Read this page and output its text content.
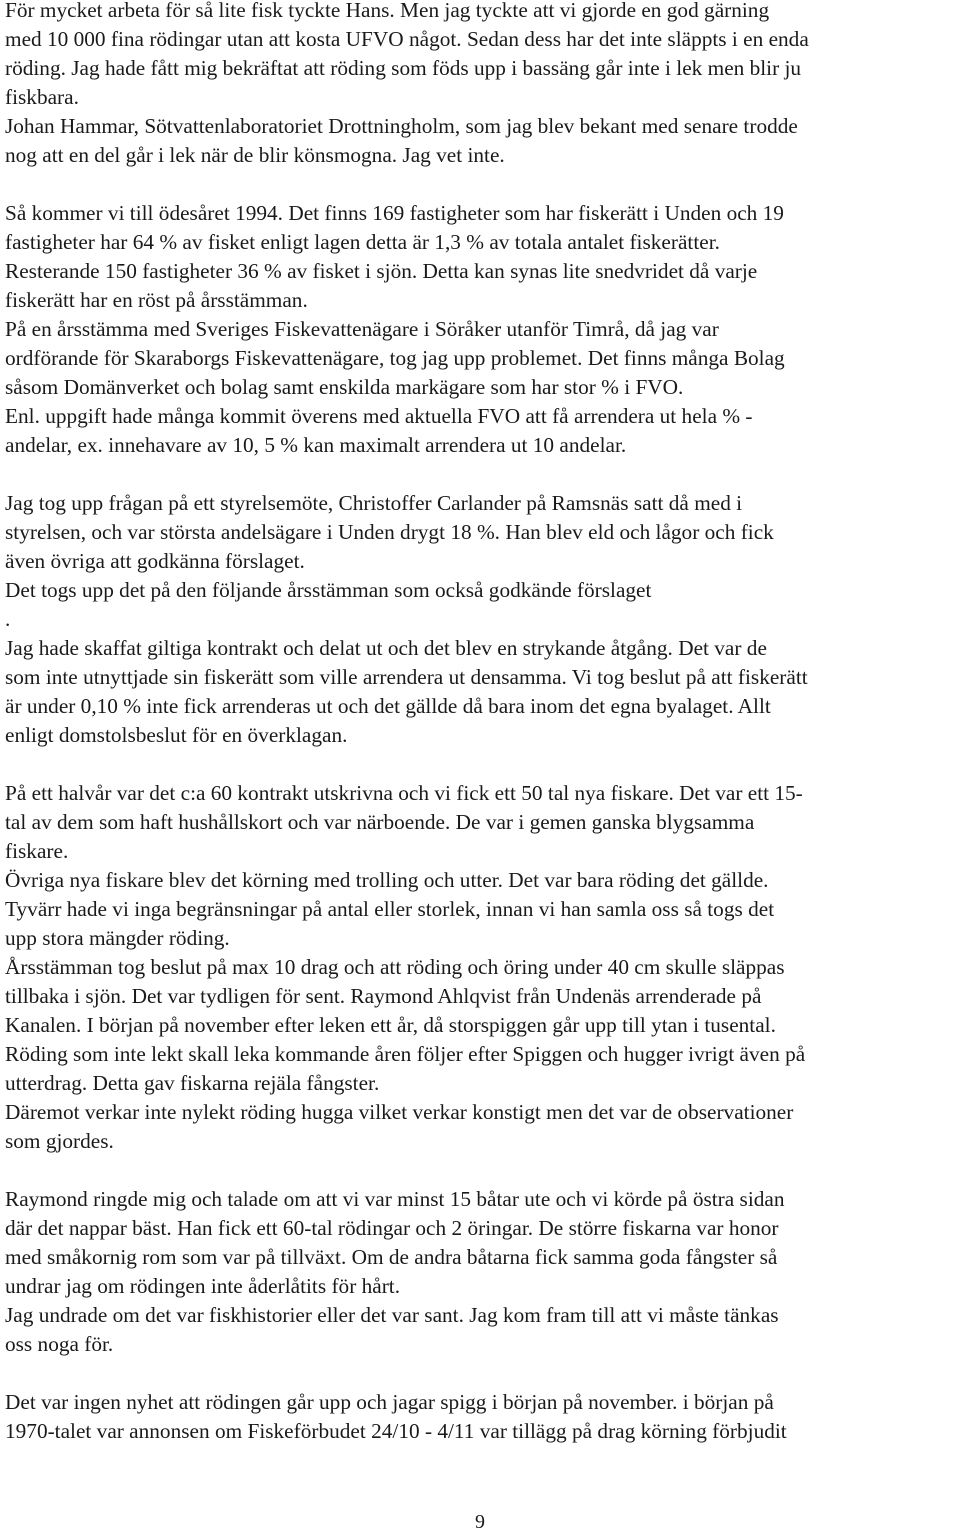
För mycket arbeta för så lite fisk tyckte Hans. Men jag tyckte att vi gjorde en god gärning
med 10 000 fina rödingar utan att kosta UFVO något. Sedan dess har det inte släppts i en enda
röding. Jag hade fått mig bekräftat att röding som föds upp i bassäng går inte i lek men blir ju
fiskbara.
Johan Hammar, Sötvattenlaboratoriet Drottningholm, som jag blev bekant med senare trodde
nog att en del går i lek när de blir könsmogna. Jag vet inte.
Så kommer vi till ödesåret 1994. Det finns 169 fastigheter som har fiskerätt i Unden och 19
fastigheter har 64 % av fisket enligt lagen detta är 1,3 % av totala antalet fiskerätter.
Resterande 150 fastigheter 36 % av fisket i sjön. Detta kan synas lite snedvridet då varje
fiskerätt har en röst på årsstämman.
På en årsstämma med Sveriges Fiskevattenägare i Söråker utanför Timrå, då jag var
ordförande för Skaraborgs Fiskevattenägare, tog jag upp problemet. Det finns många Bolag
såsom Domänverket och bolag samt enskilda markägare som har stor % i FVO.
Enl. uppgift hade många kommit överens med aktuella FVO att få arrendera ut hela % -
andelar, ex. innehavare av 10, 5 % kan maximalt arrendera ut 10 andelar.
Jag tog upp frågan på ett styrelsemöte, Christoffer Carlander på Ramsnäs satt då med i
styrelsen, och var största andelsägare i Unden drygt 18 %. Han blev eld och lågor och fick
även övriga att godkänna förslaget.
Det togs upp det på den följande årsstämman som också godkände förslaget
.
Jag hade skaffat giltiga kontrakt och delat ut och det blev en strykande åtgång. Det var de
som inte utnyttjade sin fiskerätt som ville arrendera ut densamma. Vi tog beslut på att fiskerätt
är under 0,10 % inte fick arrenderas ut och det gällde då bara inom det egna byalaget. Allt
enligt domstolsbeslut för en överklagan.
På ett halvår var det c:a 60 kontrakt utskrivna och vi fick ett 50 tal nya fiskare. Det var ett 15-
tal av dem som haft hushållskort och var närboende. De var i gemen ganska blygsamma
fiskare.
Övriga nya fiskare blev det körning med trolling och utter. Det var bara röding det gällde.
Tyvärr hade vi inga begränsningar på antal eller storlek, innan vi han samla oss så togs det
upp stora mängder röding.
Årsstämman tog beslut på max 10 drag och att röding och öring under 40 cm skulle släppas
tillbaka i sjön. Det var tydligen för sent. Raymond Ahlqvist från Undenäs arrenderade på
Kanalen. I början på november efter leken ett år, då storspiggen går upp till ytan i tusental.
Röding som inte lekt skall leka kommande åren följer efter Spiggen och hugger ivrigt även på
utterdrag. Detta gav fiskarna rejäla fångster.
Däremot verkar inte nylekt röding hugga vilket verkar konstigt men det var de observationer
som gjordes.
Raymond ringde mig och talade om att vi var minst 15 båtar ute och vi körde på östra sidan
där det nappar bäst. Han fick ett 60-tal rödingar och 2 öringar. De större fiskarna var honor
med småkornig rom som var på tillväxt. Om de andra båtarna fick samma goda fångster så
undrar jag om rödingen inte åderlåtits för hårt.
Jag undrade om det var fiskhistorier eller det var sant. Jag kom fram till att vi måste tänkas
oss noga för.
Det var ingen nyhet att rödingen går upp och jagar spigg i början på november. i början på
1970-talet var annonsen om Fiskeförbudet 24/10 - 4/11 var tillägg på drag körning förbjudit
9
